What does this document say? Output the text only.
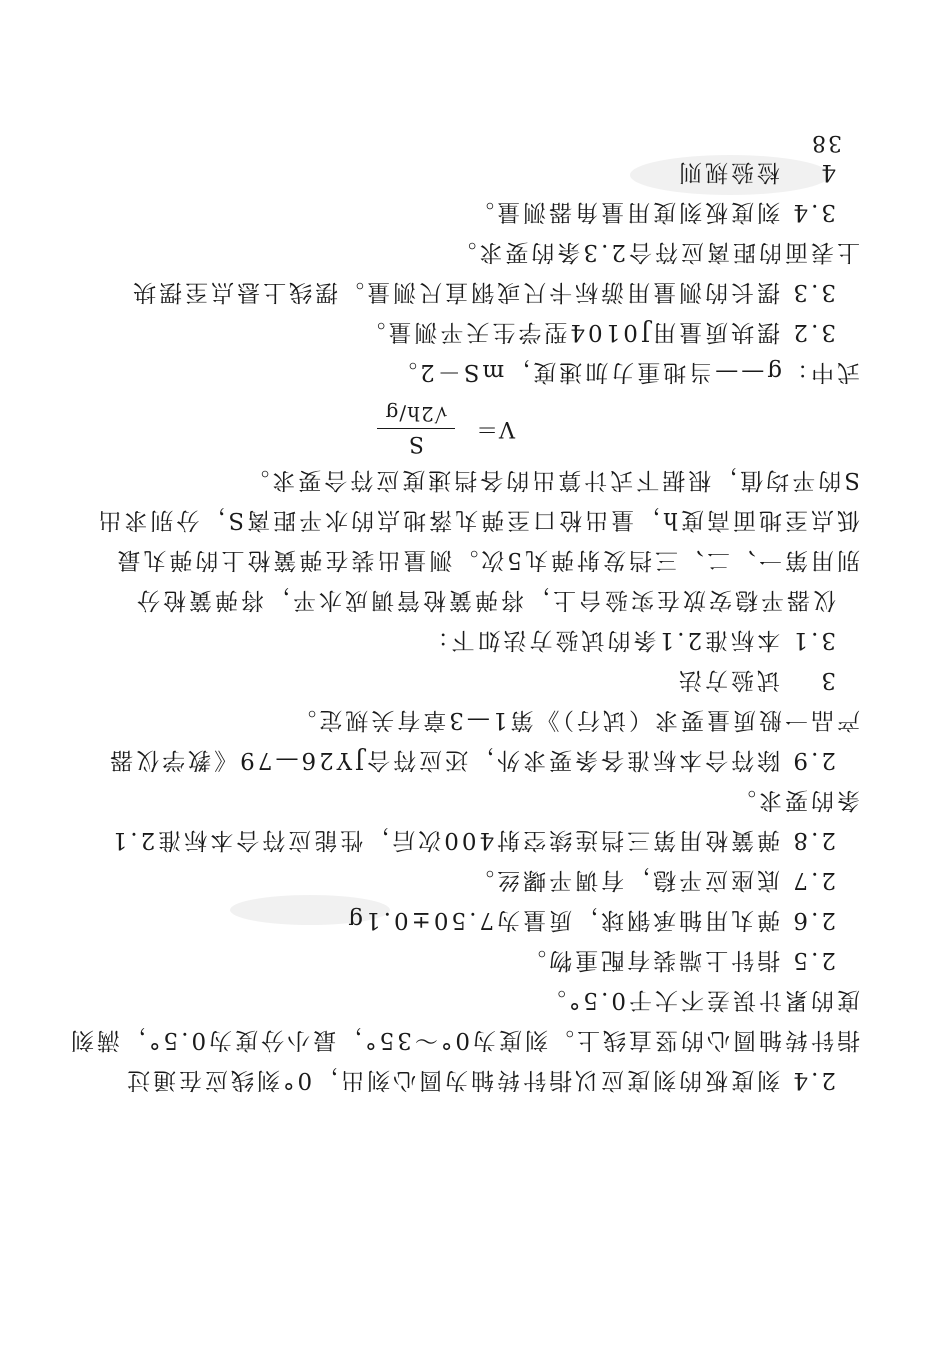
2.4 刻度板的刻度应以指针转轴为圆心刻出，0°刻线应在通过
指针转轴圆心的竖直线上。刻度为0°～35°，最小分度为0.5°，满刻
度的累计误差不大于0.5°。
2.5 指针上端装有配重物。
2.6 弹丸用轴承钢球，质量为7.50±0.1g
2.7 底座应平稳，有调平螺丝。
2.8 弹簧枪用第三挡连续空射400次后，性能应符合本标准2.1
条的要求。
2.9 除符合本标准各条要求外，还应符合JY26—79《教学仪器
产品一般质量要求（试行）》第1—3章有关规定。
3试验方法
3.1 本标准2.1条的试验方法如下：
仪器平稳安放在实验台上，将弹簧枪管调成水平，将弹簧枪分
别用第一、二、三挡发射弹丸5次。测量出装在弹簧枪上的弹丸最
低点至地面高度h，量出枪口至弹丸落地点的水平距离S，分别求出
S的平均值，根据下式计算出的各挡速度应符合要求。
V＝
S
√2h/g
式中：g——当地重力加速度，mS－2。
3.2 摆块质量用J0104型学生天平测量。
3.3 摆长的测量用游标卡尺或钢直尺测量。摆线上悬点至摆块
上表面的距离应符合2.3条的要求。
3.4 刻度板刻度用量角器测量。
4检验规则
38
